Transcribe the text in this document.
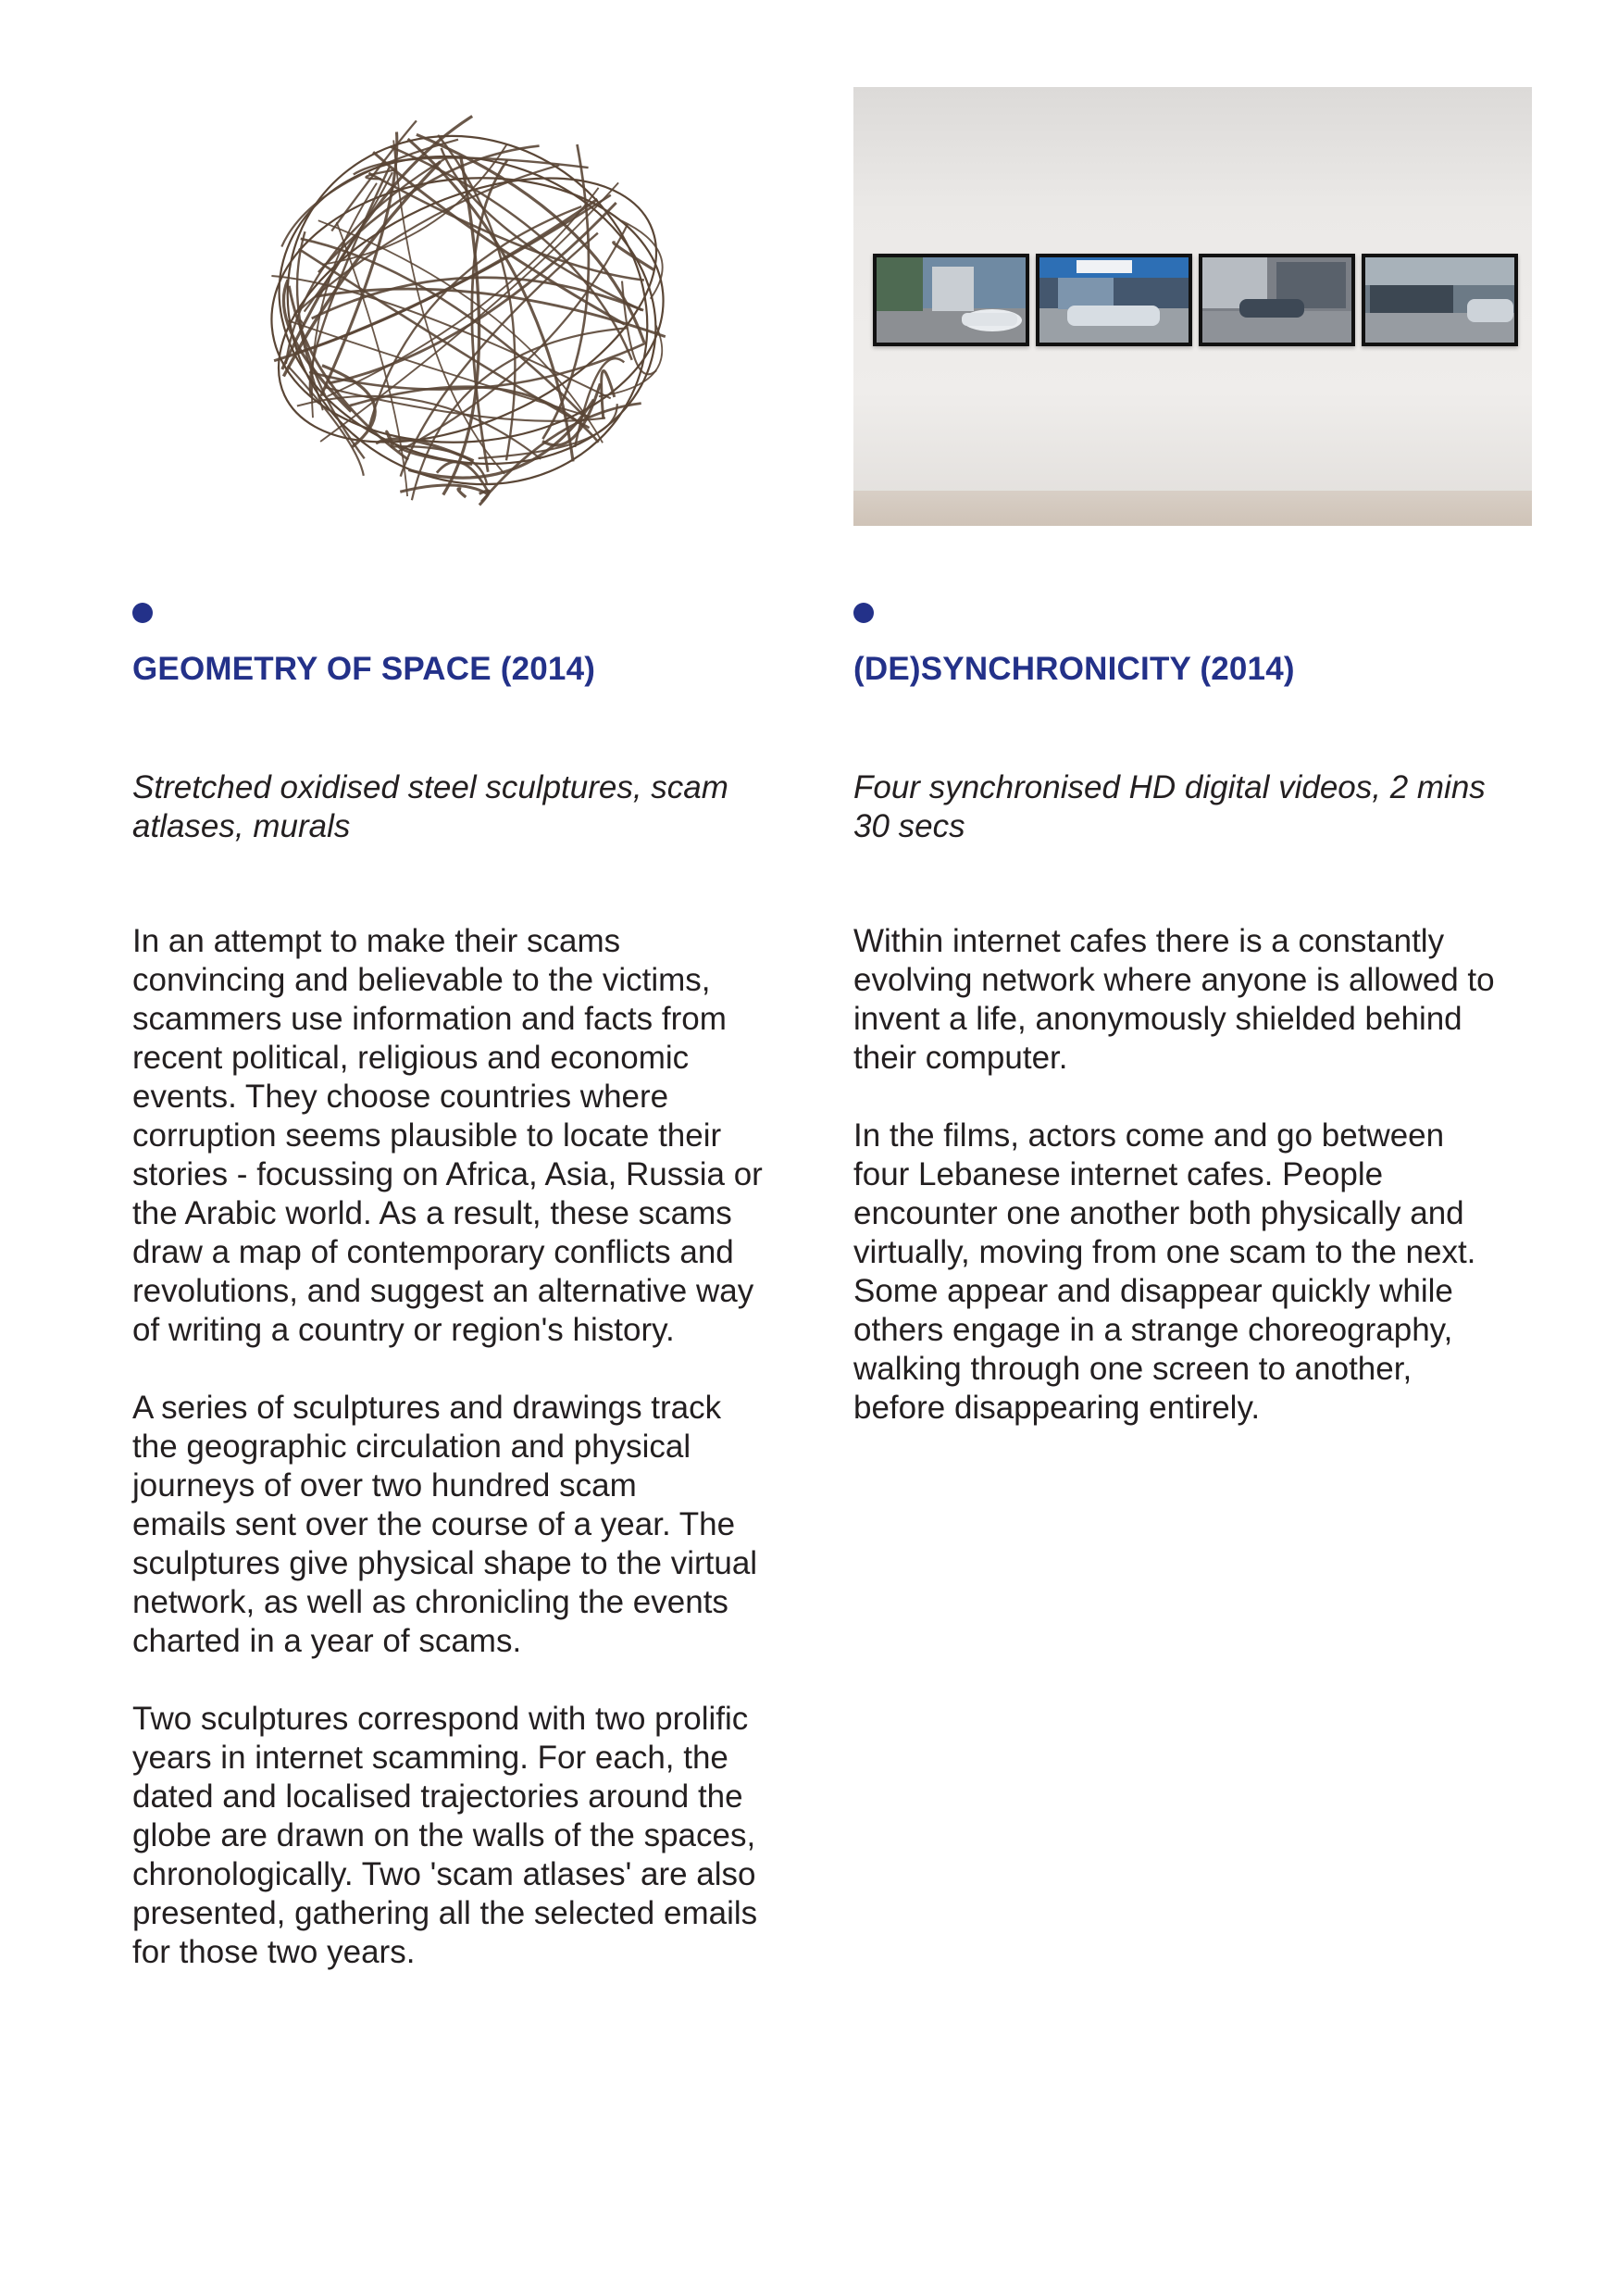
GEOMETRY OF SPACE (2014)
Stretched oxidised steel sculptures, scam
atlases, murals

In an attempt to make their scams
convincing and believable to the victims,
scammers use information and facts from
recent political, religious and economic
events. They choose countries where
corruption seems plausible to locate their
stories - focussing on Africa, Asia, Russia or
the Arabic world. As a result, these scams
draw a map of contemporary conflicts and
revolutions, and suggest an alternative way
of writing a country or region's history.

A series of sculptures and drawings track
the geographic circulation and physical
journeys of over two hundred scam
emails sent over the course of a year. The
sculptures give physical shape to the virtual
network, as well as chronicling the events
charted in a year of scams.

Two sculptures correspond with two prolific
years in internet scamming. For each, the
dated and localised trajectories around the
globe are drawn on the walls of the spaces,
chronologically. Two 'scam atlases' are also
presented, gathering all the selected emails
for those two years.

(DE)SYNCHRONICITY (2014)
Four synchronised HD digital videos, 2 mins
30 secs

Within internet cafes there is a constantly
evolving network where anyone is allowed to
invent a life, anonymously shielded behind
their computer.

In the films, actors come and go between
four Lebanese internet cafes. People
encounter one another both physically and
virtually, moving from one scam to the next.
Some appear and disappear quickly while
others engage in a strange choreography,
walking through one screen to another,
before disappearing entirely.
